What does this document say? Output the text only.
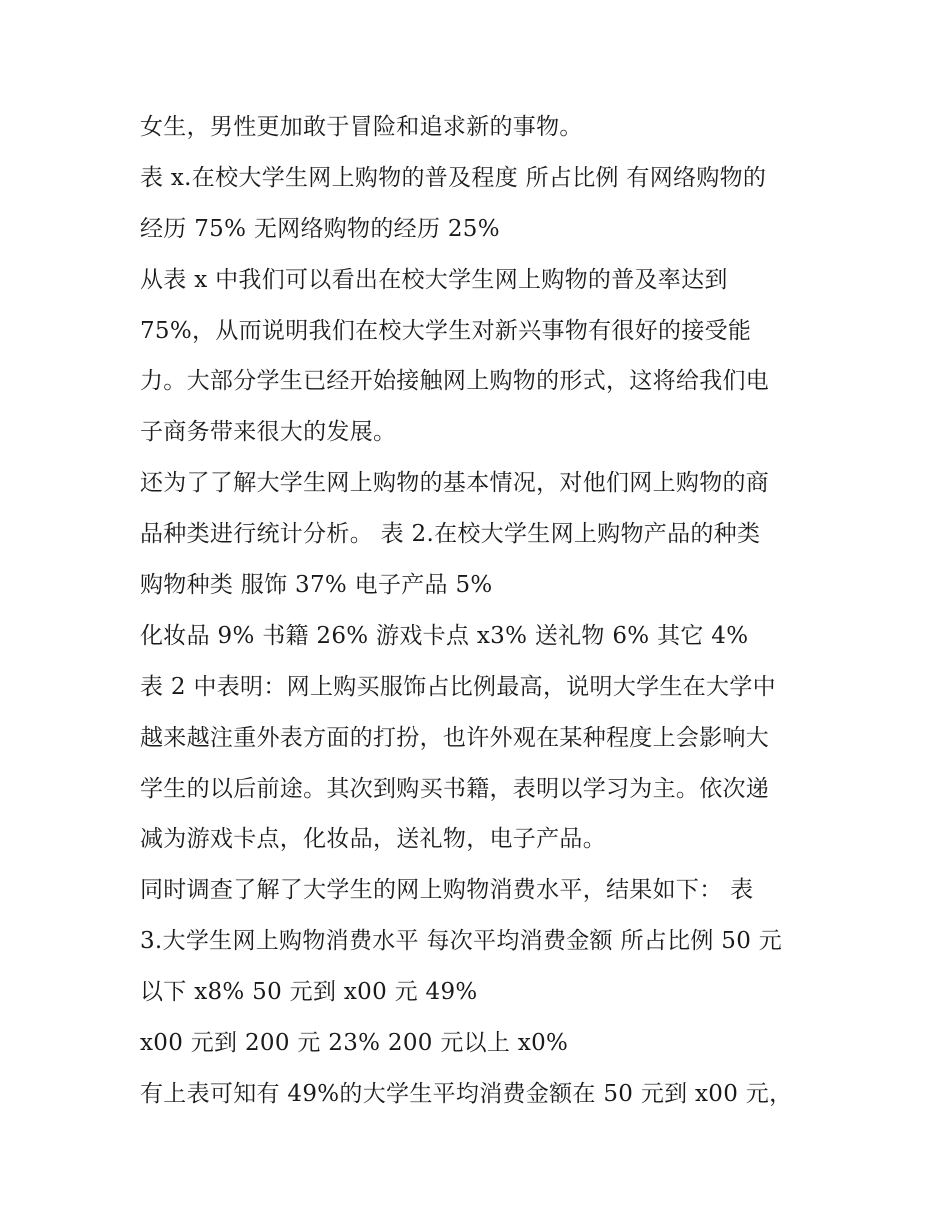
女生，男性更加敢于冒险和追求新的事物。
表 x.在校大学生网上购物的普及程度 所占比例 有网络购物的
经历 75% 无网络购物的经历 25%
从表 x 中我们可以看出在校大学生网上购物的普及率达到
75%，从而说明我们在校大学生对新兴事物有很好的接受能
力。大部分学生已经开始接触网上购物的形式，这将给我们电
子商务带来很大的发展。
还为了了解大学生网上购物的基本情况，对他们网上购物的商
品种类进行统计分析。 表 2.在校大学生网上购物产品的种类
购物种类 服饰 37% 电子产品 5%
化妆品 9% 书籍 26% 游戏卡点 x3% 送礼物 6% 其它 4%
表 2 中表明：网上购买服饰占比例最高，说明大学生在大学中
越来越注重外表方面的打扮，也许外观在某种程度上会影响大
学生的以后前途。其次到购买书籍，表明以学习为主。依次递
减为游戏卡点，化妆品，送礼物，电子产品。
同时调查了解了大学生的网上购物消费水平，结果如下： 表
3.大学生网上购物消费水平 每次平均消费金额 所占比例 50 元
以下 x8% 50 元到 x00 元 49%
x00 元到 200 元 23% 200 元以上 x0%
有上表可知有 49%的大学生平均消费金额在 50 元到 x00 元，
